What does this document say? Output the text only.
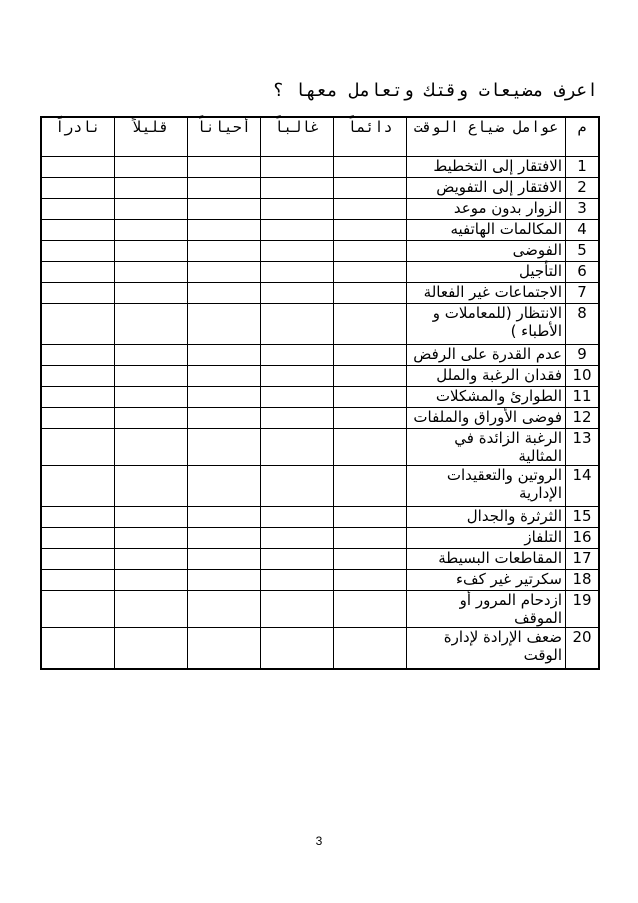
اعرف مضيعات وقتك وتعامل معها ؟
م	عوامل ضياع الوقت	دائماً	غالباً	أحياناً	قليلاً	نادراً
1	الافتقار إلى التخطيط					
2	الافتقار إلى التفويض					
3	الزوار بدون موعد					
4	المكالمات الهاتفيه					
5	الفوضى					
6	التأجيل					
7	الاجتماعات غير الفعالة					
8	الانتظار (للمعاملات و الأطباء )					
9	عدم القدرة على الرفض					
10	فقدان الرغبة والملل					
11	الطوارئ والمشكلات					
12	فوضى الأوراق والملفات					
13	الرغبة الزائدة في المثالية					
14	الروتين والتعقيدات الإدارية					
15	الثرثرة والجدال					
16	التلفاز					
17	المقاطعات البسيطة					
18	سكرتير غير كفء					
19	ازدحام المرور أو الموقف					
20	ضعف الإرادة لإدارة الوقت					
3
